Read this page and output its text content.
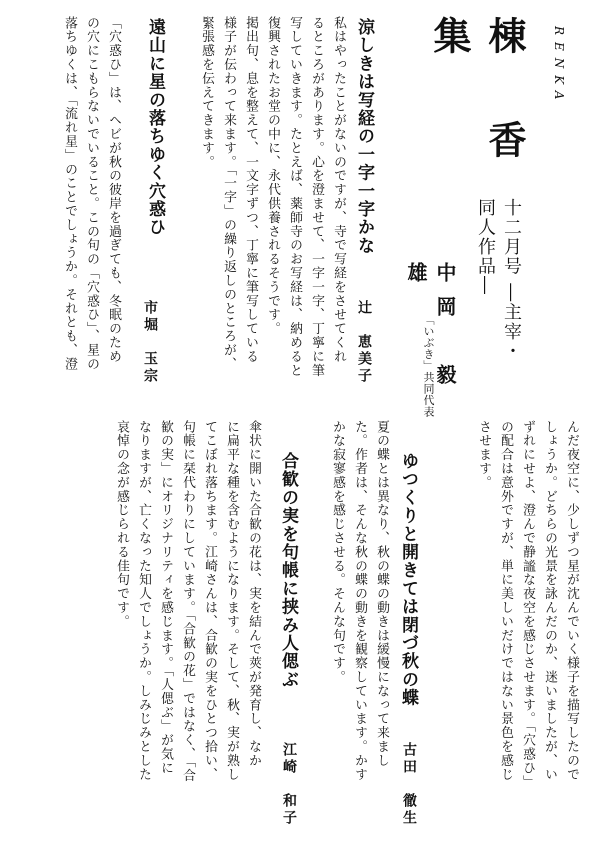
棟　香　集	RENKA
十二月号 ―主宰・同人作品―
中岡　毅雄
「いぶき」共同代表
涼しきは写経の一字一字かな
辻　恵美子
私はやったことがないのですが、寺で写経をさせてくれ
るところがあります。心を澄ませて、一字一字、丁寧に筆
写していきます。たとえば、薬師寺のお写経は、納めると
復興されたお堂の中に、永代供養されるそうです。
掲出句、息を整えて、一文字ずつ、丁寧に筆写している
様子が伝わって来ます。「一字」の繰り返しのところが、
緊張感を伝えてきます。
遠山に星の落ちゆく穴惑ひ
市堀　玉宗
「穴惑ひ」は、ヘビが秋の彼岸を過ぎても、冬眠のため
の穴にこもらないでいること。この句の「穴惑ひ」、星の
落ちゆくは、「流れ星」のことでしょうか。それとも、澄
んだ夜空に、少しずつ星が沈んでいく様子を描写したので
しょうか。どちらの光景を詠んだのか、迷いましたが、い
ずれにせよ、澄んで静謐な夜空を感じさせます。「穴惑ひ」
の配合は意外ですが、単に美しいだけではない景色を感じ
させます。
ゆつくりと開きては閉づ秋の蝶
古田　徹生
夏の蝶とは異なり、秋の蝶の動きは緩慢になって来まし
た。作者は、そんな秋の蝶の動きを観察しています。かす
かな寂寥感を感じさせる。そんな句です。
合歓の実を句帳に挟み人偲ぶ
江崎　和子
傘状に開いた合歓の花は、実を結んで莢が発育し、なか
に扁平な種を含むようになります。そして、秋、実が熟し
てこぼれ落ちます。江崎さんは、合歓の実をひとつ拾い、
句帳に栞代わりにしています。「合歓の花」ではなく、「合
歓の実」にオリジナリティを感じます。「人偲ぶ」が気に
なりますが、亡くなった知人でしょうか。しみじみとした
哀悼の念が感じられる佳句です。
